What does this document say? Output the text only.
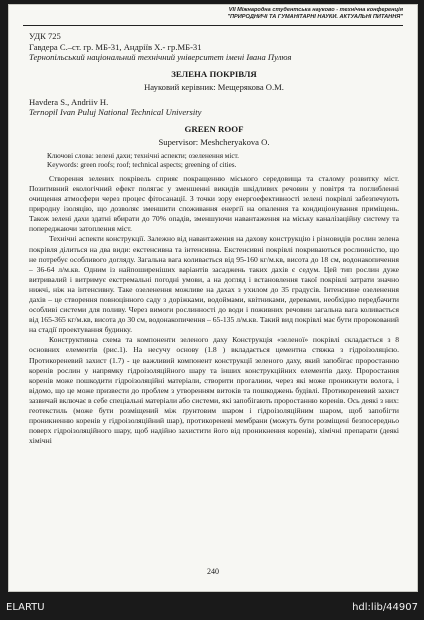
VII Міжнародна студентська науково - технічна конференція
"ПРИРОДНИЧІ ТА ГУМАНІТАРНІ НАУКИ. АКТУАЛЬНІ ПИТАННЯ"

УДК 725

Гавдера С.–ст. гр. МБ-31, Андріїв Х.- гр.МБ-31

Тернопільський національний технічний університет імені Івана Пулюя

ЗЕЛЕНА ПОКРІВЛЯ

Науковий керівник: Мещерякова О.М.

Havdera S., Andriiv H.

Ternopil Ivan Puluj National Technical University

GREEN ROOF

Supervisor: Meshcheryakova O.

Ключові слова: зелені дахи; технічні аспекти; озеленення міст.

Keywords: green roofs; roof; technical aspects; greening of cities.

Створення зелених покрівель сприяє покращенню міського середовища та сталому розвитку міст. Позитивний екологічний ефект полягає у зменшенні викидів шкідливих речовин у повітря та поглибленні очищення атмосфери через процес фітосанації. З точки зору енергоефективності зелені покрівлі забезпечують природну ізоляцію, що дозволяє зменшити споживання енергії на опалення та кондиціонування приміщень. Також зелені дахи здатні вбирати до 70% опадів, зменшуючи навантаження на міську каналізаційну систему та попереджаючи затоплення міст.

Технічні аспекти конструкції. Залежно від навантаження на дахову конструкцію і різновидів рослин зелена покрівля ділиться на два види: екстенсивна та інтенсивна. Екстенсивні покрівлі покриваються рослинністю, що не потребує особливого догляду. Загальна вага коливається від 95-160 кг/м.кв, висота до 18 см, водонакопичення – 36-64 л/м.кв. Одним із найпоширеніших варіантів засаджень таких дахів є седум. Цей тип рослин дуже витривалий і витримує екстремальні погодні умови, а на догляд і встановлення такої покрівлі затрати значно нижчі, ніж на інтенсивну. Таке озеленення можливе на дахах з ухилом до 35 градусів. Інтенсивне озеленення дахів – це створення повноцінного саду з доріжками, водоймами, квітниками, деревами, необхідно передбачити особливі системи для поливу. Через вимоги рослинності до води і поживних речовин загальна вага коливається від 165-365 кг/м.кв, висота до 30 см, водонакопичення – 65-135 л/м.кв. Такий вид покрівлі має бути пророкований на стадії проектування будинку.

Конструктивна схема та компоненти зеленого даху Конструкція «зеленої» покрівлі складається з 8 основних елементів (рис.1). На несучу основу (1.8 ) вкладається цементна стяжка з гідроізоляцією. Протикореневий захист (1.7) - це важливий компонент конструкції зеленого даху, який запобігає проростанню коренів рослин у напрямку гідроізоляційного шару та інших конструкційних елементів даху. Проростання коренів може пошкодити гідроізоляційні матеріали, створити прогалини, через які може проникнути волога, і відомо, що це може призвести до проблем з утворенням витоків та пошкоджень будівлі. Протикореневий захист зазвичай включає в себе спеціальні матеріали або системи, які запобігають проростанню коренів. Ось деякі з них: геотекстиль (може бути розміщений між ґрунтовим шаром і гідроізоляційним шаром, щоб запобігти проникненню коренів у гідроізоляційний шар), протикореневі мембрани (можуть бути розміщені безпосередньо поверх гідроізоляційного шару, щоб надійно захистити його від проникнення коренів), хімічні препарати (деякі хімічні

240
ELARTU	hdl:lib/44907
